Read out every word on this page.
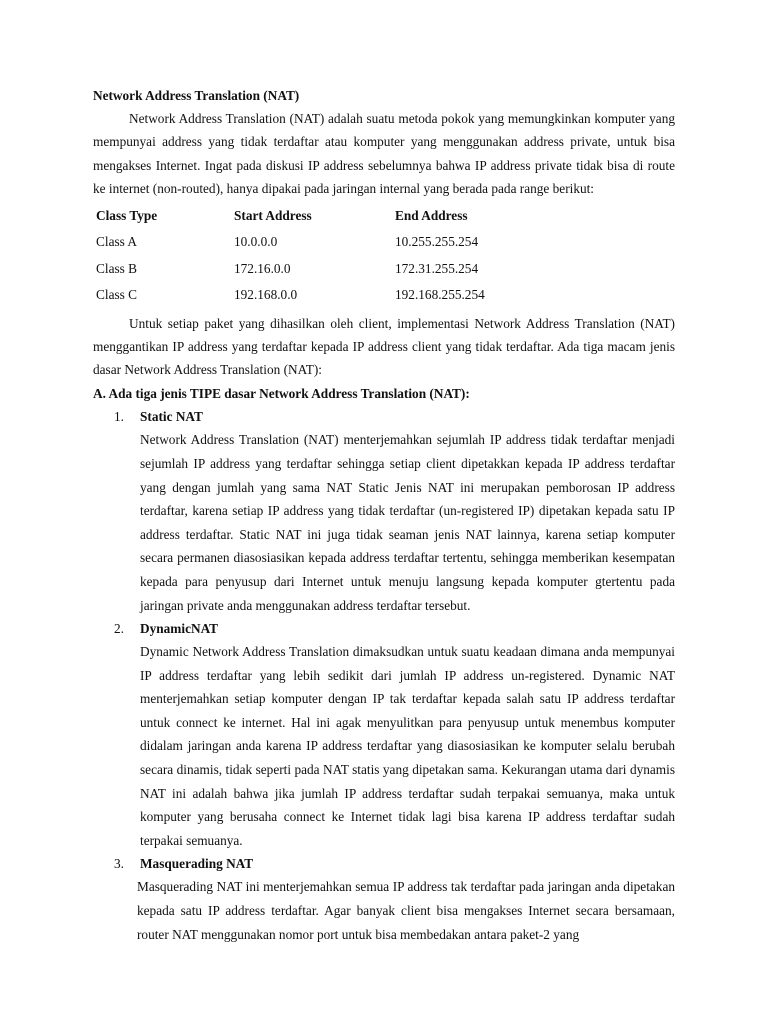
Network Address Translation (NAT)

Network Address Translation (NAT) adalah suatu metoda pokok yang memungkinkan komputer yang mempunyai address yang tidak terdaftar atau komputer yang menggunakan address private, untuk bisa mengakses Internet. Ingat pada diskusi IP address sebelumnya bahwa IP address private tidak bisa di route ke internet (non-routed), hanya dipakai pada jaringan internal yang berada pada range berikut:

Class Type	Start Address	End Address
Class A	10.0.0.0	10.255.255.254
Class B	172.16.0.0	172.31.255.254
Class C	192.168.0.0	192.168.255.254

Untuk setiap paket yang dihasilkan oleh client, implementasi Network Address Translation (NAT) menggantikan IP address yang terdaftar kepada IP address client yang tidak terdaftar. Ada tiga macam jenis dasar Network Address Translation (NAT):

A. Ada tiga jenis TIPE dasar Network Address Translation (NAT):
1. Static NAT

Network Address Translation (NAT) menterjemahkan sejumlah IP address tidak terdaftar menjadi sejumlah IP address yang terdaftar sehingga setiap client dipetakkan kepada IP address terdaftar yang dengan jumlah yang sama NAT Static Jenis NAT ini merupakan pemborosan IP address terdaftar, karena setiap IP address yang tidak terdaftar (un-registered IP) dipetakan kepada satu IP address terdaftar. Static NAT ini juga tidak seaman jenis NAT lainnya, karena setiap komputer secara permanen diasosiasikan kepada address terdaftar tertentu, sehingga memberikan kesempatan kepada para penyusup dari Internet untuk menuju langsung kepada komputer gtertentu pada jaringan private anda menggunakan address terdaftar tersebut.

2. DynamicNAT

Dynamic Network Address Translation dimaksudkan untuk suatu keadaan dimana anda mempunyai IP address terdaftar yang lebih sedikit dari jumlah IP address un-registered. Dynamic NAT menterjemahkan setiap komputer dengan IP tak terdaftar kepada salah satu IP address terdaftar untuk connect ke internet. Hal ini agak menyulitkan para penyusup untuk menembus komputer didalam jaringan anda karena IP address terdaftar yang diasosiasikan ke komputer selalu berubah secara dinamis, tidak seperti pada NAT statis yang dipetakan sama. Kekurangan utama dari dynamis NAT ini adalah bahwa jika jumlah IP address terdaftar sudah terpakai semuanya, maka untuk komputer yang berusaha connect ke Internet tidak lagi bisa karena IP address terdaftar sudah terpakai semuanya.

3. Masquerading NAT

Masquerading NAT ini menterjemahkan semua IP address tak terdaftar pada jaringan anda dipetakan kepada satu IP address terdaftar. Agar banyak client bisa mengakses Internet secara bersamaan, router NAT menggunakan nomor port untuk bisa membedakan antara paket-2 yang
